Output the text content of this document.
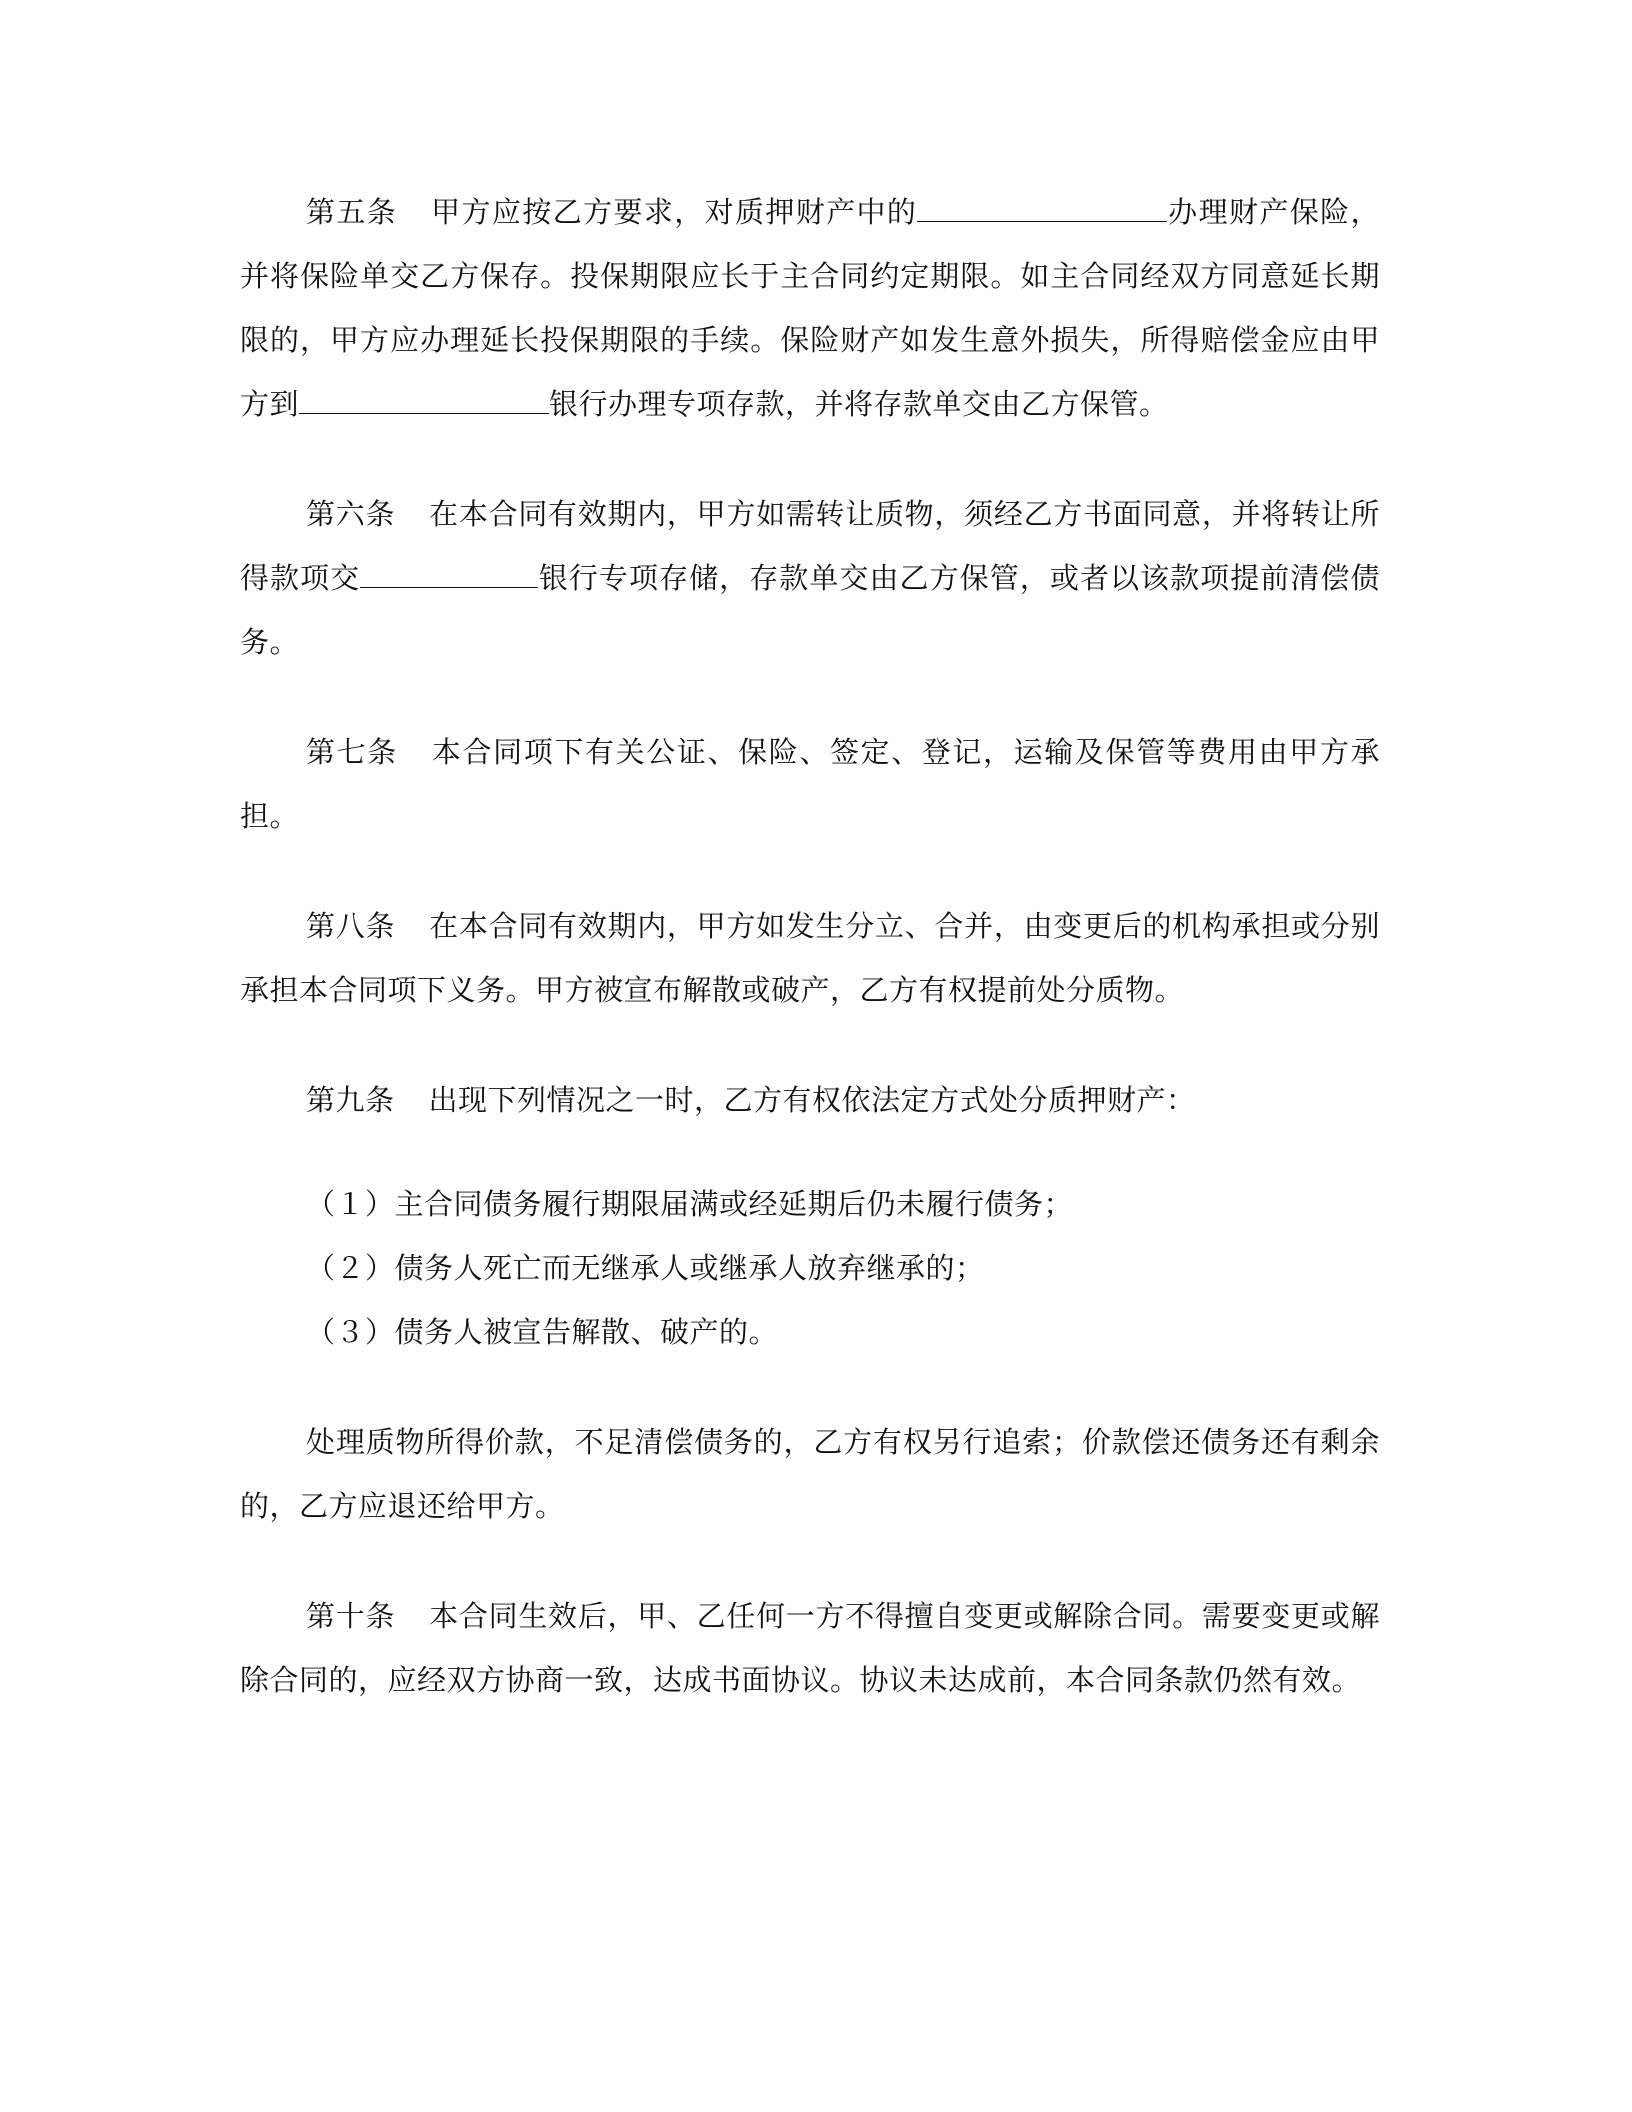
第五条 甲方应按乙方要求，对质押财产中的	办理财产保险，并将保险单交乙方保存。投保期限应长于主合同约定期限。如主合同经双方同意延长期限的，甲方应办理延长投保期限的手续。保险财产如发生意外损失，所得赔偿金应由甲方到	银行办理专项存款，并将存款单交由乙方保管。

第六条 在本合同有效期内，甲方如需转让质物，须经乙方书面同意，并将转让所得款项交	银行专项存储，存款单交由乙方保管，或者以该款项提前清偿债务。

第七条 本合同项下有关公证、保险、签定、登记，运输及保管等费用由甲方承担。

第八条 在本合同有效期内，甲方如发生分立、合并，由变更后的机构承担或分别承担本合同项下义务。甲方被宣布解散或破产，乙方有权提前处分质物。

第九条 出现下列情况之一时，乙方有权依法定方式处分质押财产：

（１）主合同债务履行期限届满或经延期后仍未履行债务；
（２）债务人死亡而无继承人或继承人放弃继承的；
（３）债务人被宣告解散、破产的。

处理质物所得价款，不足清偿债务的，乙方有权另行追索；价款偿还债务还有剩余的，乙方应退还给甲方。

第十条 本合同生效后，甲、乙任何一方不得擅自变更或解除合同。需要变更或解除合同的，应经双方协商一致，达成书面协议。协议未达成前，本合同条款仍然有效。
